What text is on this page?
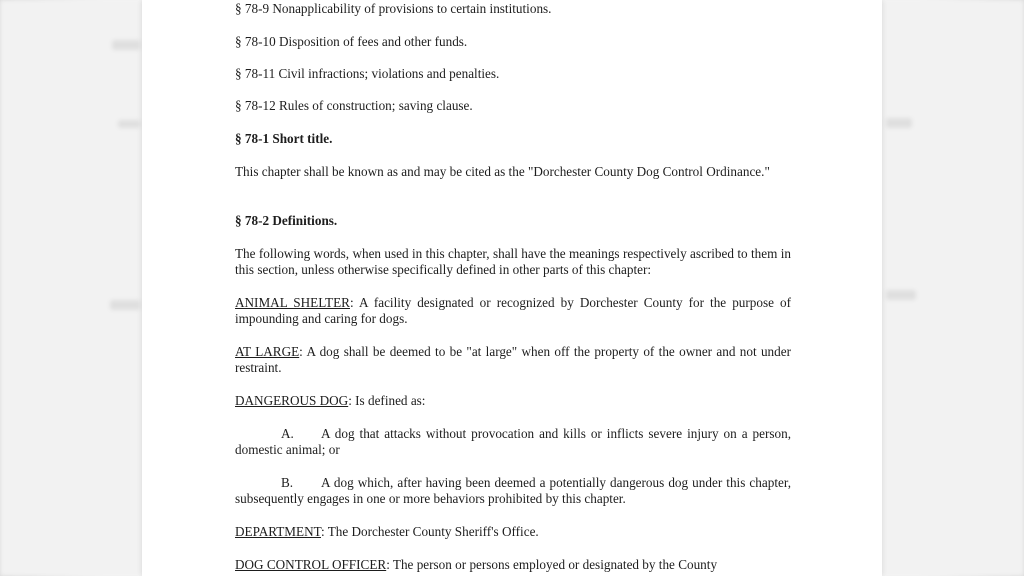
§ 78-9 Nonapplicability of provisions to certain institutions.
§ 78-10 Disposition of fees and other funds.
§ 78-11 Civil infractions; violations and penalties.
§ 78-12 Rules of construction; saving clause.
§ 78-1 Short title.
This chapter shall be known as and may be cited as the "Dorchester County Dog Control Ordinance."
§ 78-2 Definitions.
The following words, when used in this chapter, shall have the meanings respectively ascribed to them in this section, unless otherwise specifically defined in other parts of this chapter:
ANIMAL SHELTER: A facility designated or recognized by Dorchester County for the purpose of impounding and caring for dogs.
AT LARGE: A dog shall be deemed to be "at large" when off the property of the owner and not under restraint.
DANGEROUS DOG: Is defined as:
A. A dog that attacks without provocation and kills or inflicts severe injury on a person, domestic animal; or
B. A dog which, after having been deemed a potentially dangerous dog under this chapter, subsequently engages in one or more behaviors prohibited by this chapter.
DEPARTMENT: The Dorchester County Sheriff's Office.
DOG CONTROL OFFICER: The person or persons employed or designated by the County
